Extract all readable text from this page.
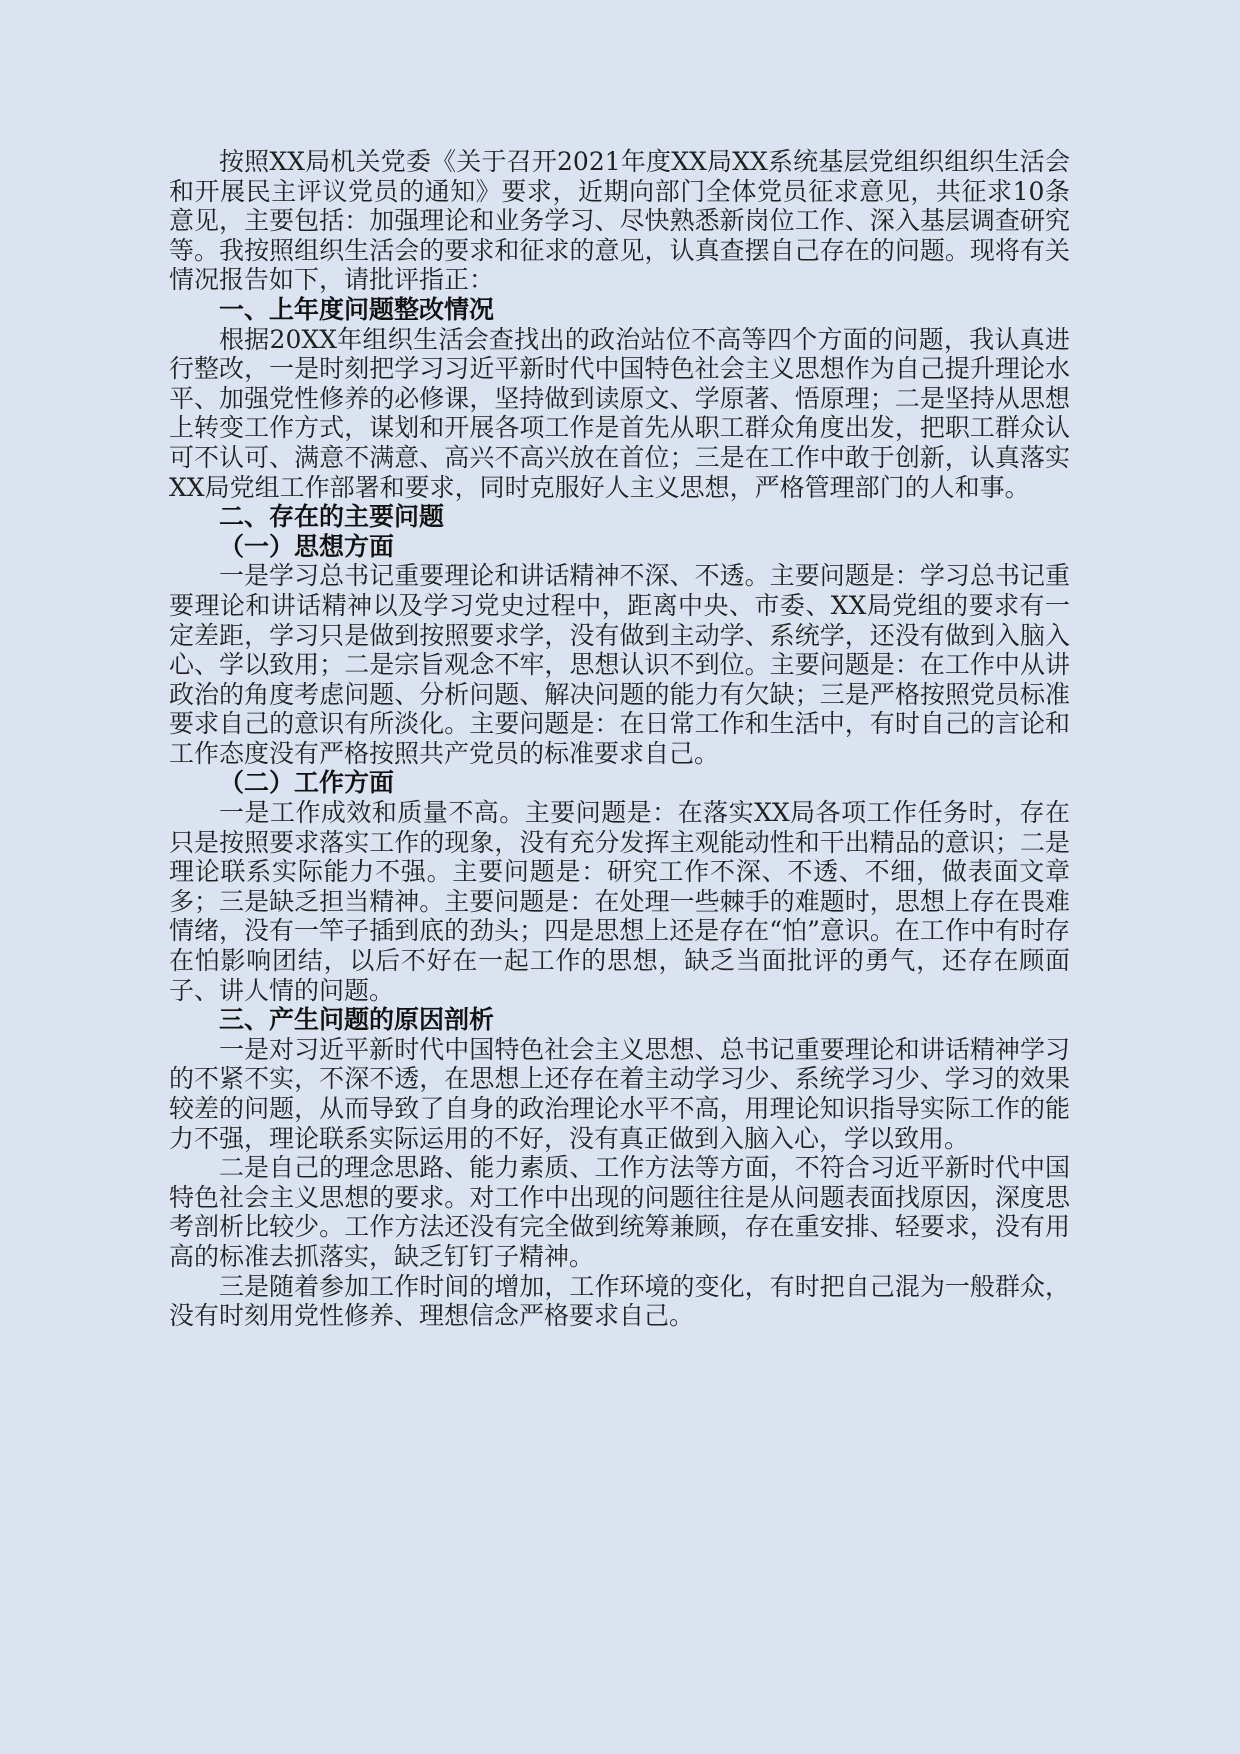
按照XX局机关党委《关于召开2021年度XX局XX系统基层党组织组织生活会和开展民主评议党员的通知》要求，近期向部门全体党员征求意见，共征求10条意见，主要包括：加强理论和业务学习、尽快熟悉新岗位工作、深入基层调查研究等。我按照组织生活会的要求和征求的意见，认真查摆自己存在的问题。现将有关情况报告如下，请批评指正：

一、上年度问题整改情况

根据20XX年组织生活会查找出的政治站位不高等四个方面的问题，我认真进行整改，一是时刻把学习习近平新时代中国特色社会主义思想作为自己提升理论水平、加强党性修养的必修课，坚持做到读原文、学原著、悟原理；二是坚持从思想上转变工作方式，谋划和开展各项工作是首先从职工群众角度出发，把职工群众认可不认可、满意不满意、高兴不高兴放在首位；三是在工作中敢于创新，认真落实XX局党组工作部署和要求，同时克服好人主义思想，严格管理部门的人和事。

二、存在的主要问题

（一）思想方面

一是学习总书记重要理论和讲话精神不深、不透。主要问题是：学习总书记重要理论和讲话精神以及学习党史过程中，距离中央、市委、XX局党组的要求有一定差距，学习只是做到按照要求学，没有做到主动学、系统学，还没有做到入脑入心、学以致用；二是宗旨观念不牢，思想认识不到位。主要问题是：在工作中从讲政治的角度考虑问题、分析问题、解决问题的能力有欠缺；三是严格按照党员标准要求自己的意识有所淡化。主要问题是：在日常工作和生活中，有时自己的言论和工作态度没有严格按照共产党员的标准要求自己。

（二）工作方面

一是工作成效和质量不高。主要问题是：在落实XX局各项工作任务时，存在只是按照要求落实工作的现象，没有充分发挥主观能动性和干出精品的意识；二是理论联系实际能力不强。主要问题是：研究工作不深、不透、不细，做表面文章多；三是缺乏担当精神。主要问题是：在处理一些棘手的难题时，思想上存在畏难情绪，没有一竿子插到底的劲头；四是思想上还是存在“怕”意识。在工作中有时存在怕影响团结，以后不好在一起工作的思想，缺乏当面批评的勇气，还存在顾面子、讲人情的问题。

三、产生问题的原因剖析

一是对习近平新时代中国特色社会主义思想、总书记重要理论和讲话精神学习的不紧不实，不深不透，在思想上还存在着主动学习少、系统学习少、学习的效果较差的问题，从而导致了自身的政治理论水平不高，用理论知识指导实际工作的能力不强，理论联系实际运用的不好，没有真正做到入脑入心，学以致用。

二是自己的理念思路、能力素质、工作方法等方面，不符合习近平新时代中国特色社会主义思想的要求。对工作中出现的问题往往是从问题表面找原因，深度思考剖析比较少。工作方法还没有完全做到统筹兼顾，存在重安排、轻要求，没有用高的标准去抓落实，缺乏钉钉子精神。

三是随着参加工作时间的增加，工作环境的变化，有时把自己混为一般群众，没有时刻用党性修养、理想信念严格要求自己。
